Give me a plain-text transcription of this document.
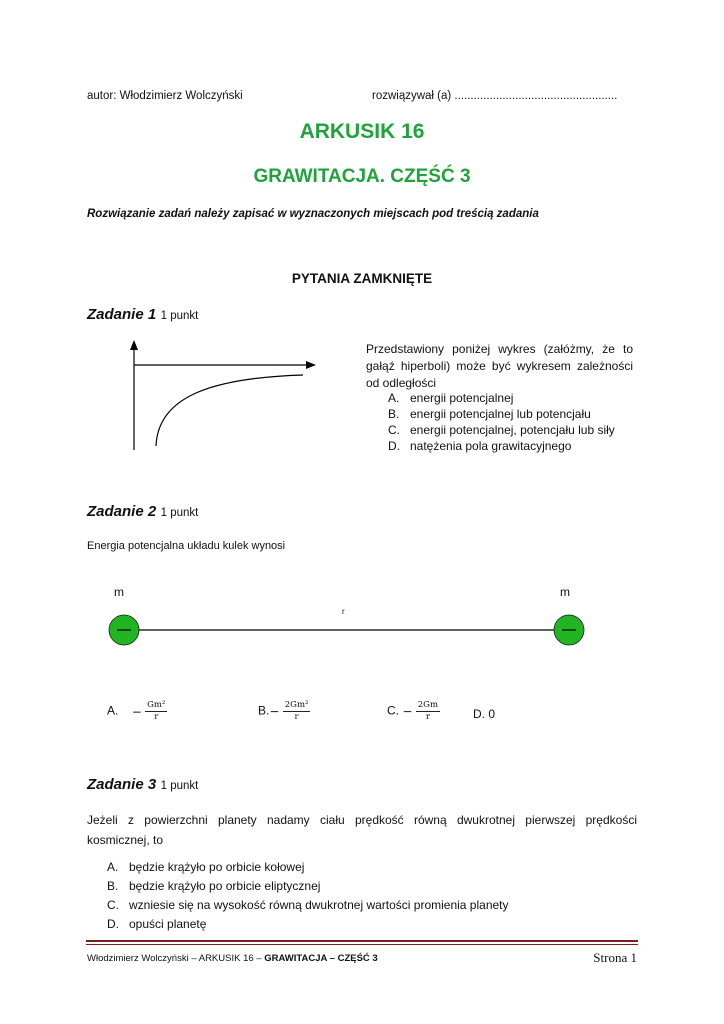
autor: Włodzimierz Wolczyński	rozwiązywał (a) ...................................................
ARKUSIK 16
GRAWITACJA. CZĘŚĆ 3
Rozwiązanie zadań należy zapisać w wyznaczonych miejscach pod treścią zadania
PYTANIA ZAMKNIĘTE
Zadanie 1 1 punkt
Przedstawiony poniżej wykres (załóżmy, że to
gałąź hiperboli) może być wykresem zależności
od odległości
A. energii potencjalnej
B. energii potencjalnej lub potencjału
C. energii potencjalnej, potencjału lub siły
D. natężenia pola grawitacyjnego
Zadanie 2 1 punkt
Energia potencjalna układu kulek wynosi
m	m
r
A. − $\frac{\text{Gm²}}{r}$	$B.- \frac{\text{2Gm²}}{r}$	C. − $\frac{2Gm}{r}$	D. 0
Zadanie 3 1 punkt
Jeżeli z powierzchni planety nadamy ciału prędkość równą dwukrotnej pierwszej prędkości
kosmicznej, to
A. będzie krążyło po orbicie kołowej
B. będzie krążyło po orbicie eliptycznej
C. wzniesie się na wysokość równą dwukrotnej wartości promienia planety
D. opuści planetę
Włodzimierz Wolczyński – ARKUSIK 16 – GRAWITACJA – CZĘŚĆ 3	Strona 1
